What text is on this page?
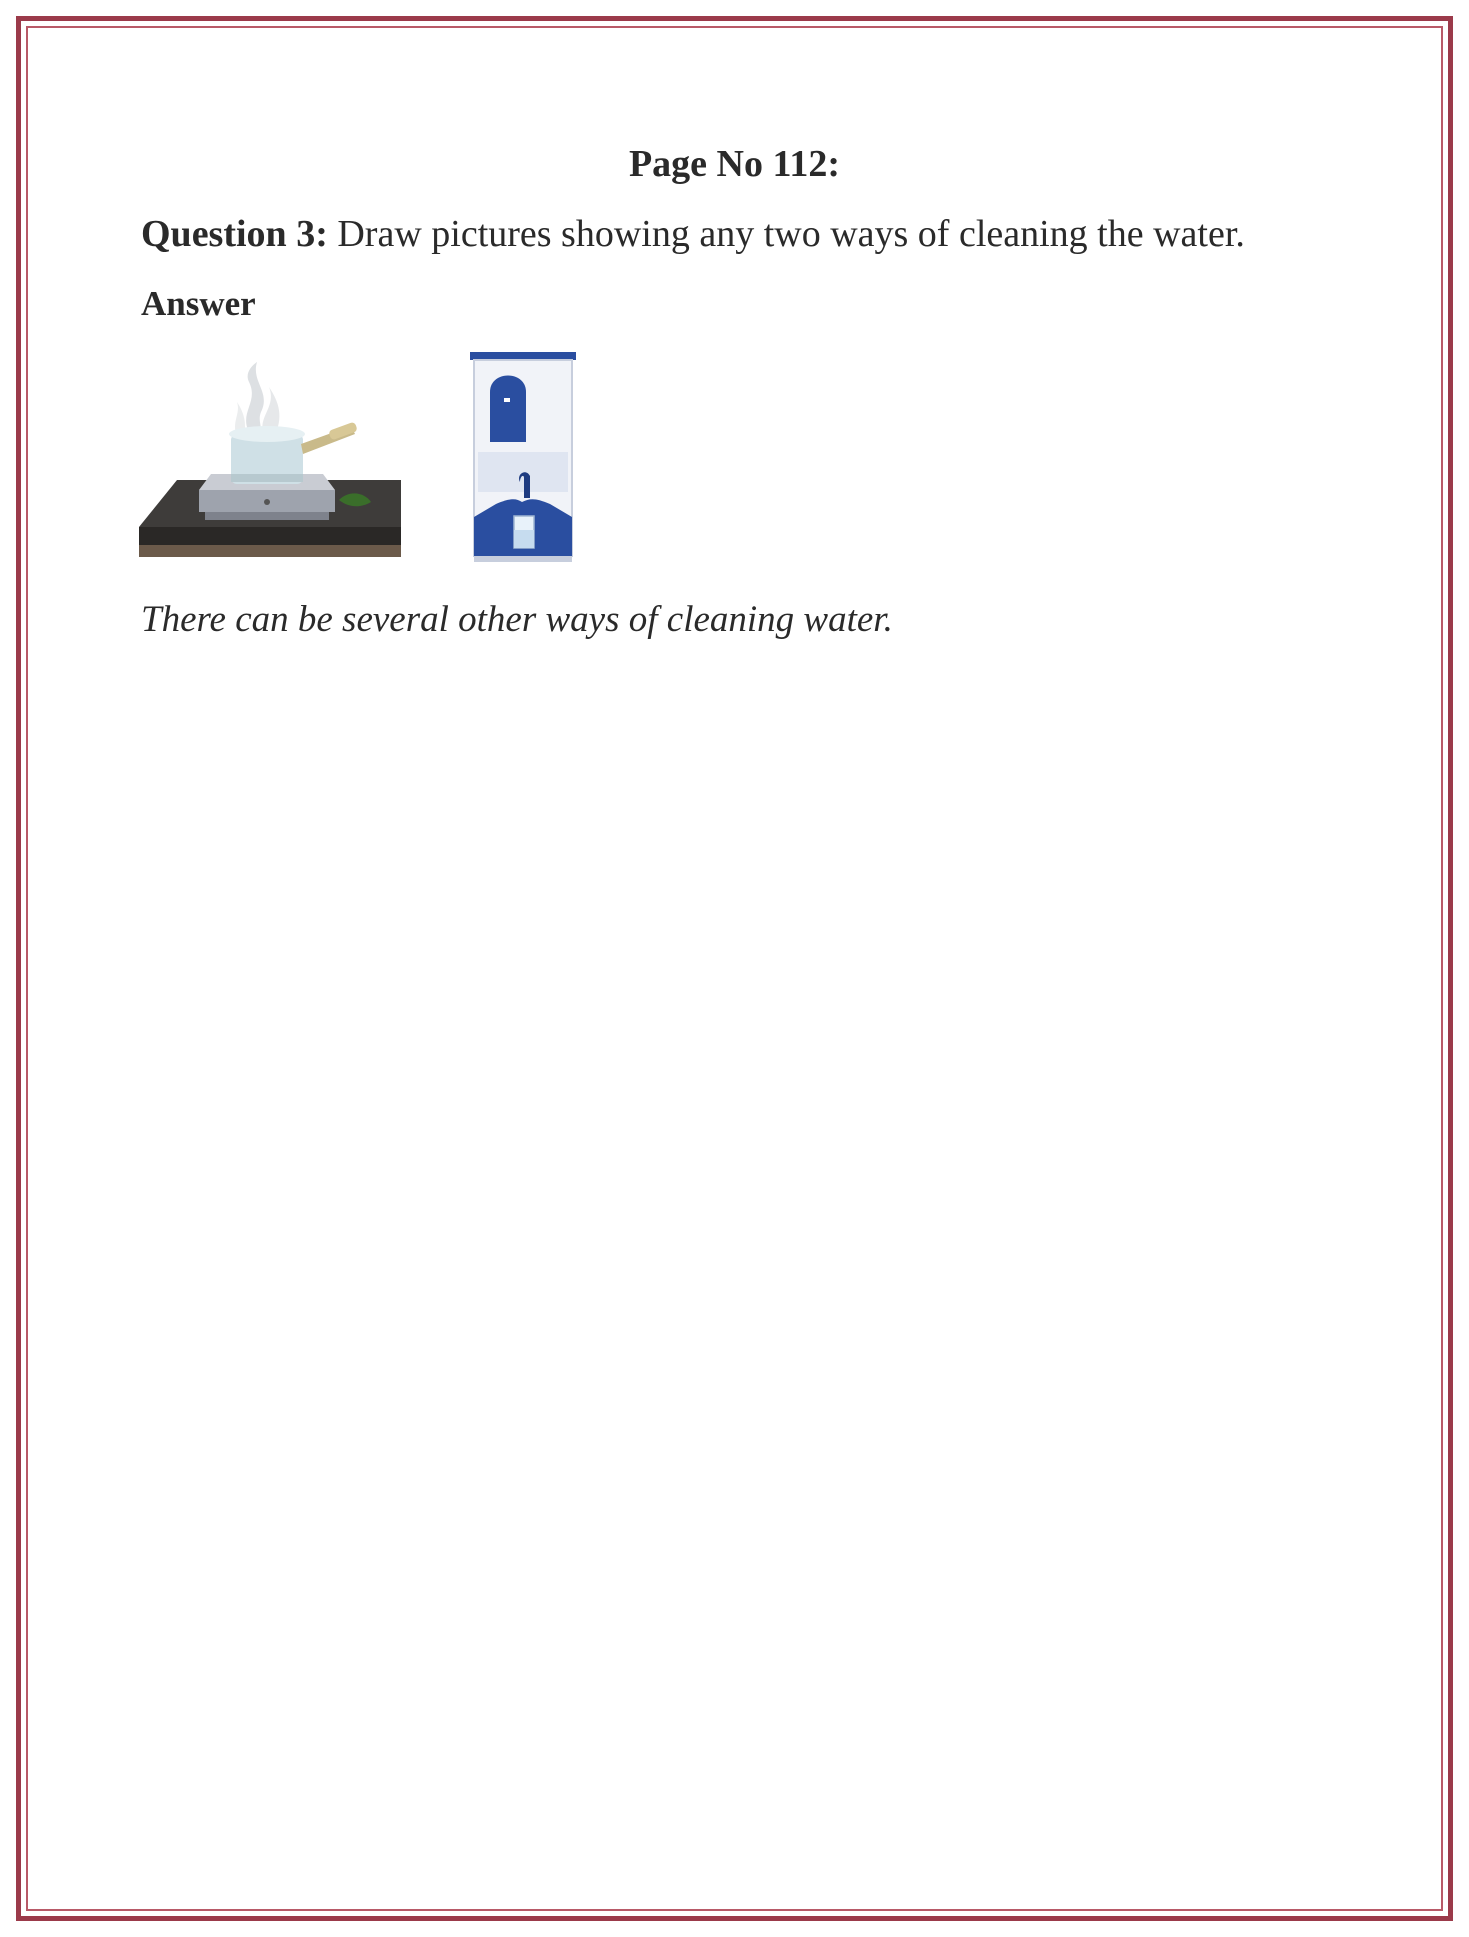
Page No 112:

Question 3: Draw pictures showing any two ways of cleaning the water.

Answer

There can be several other ways of cleaning water.
